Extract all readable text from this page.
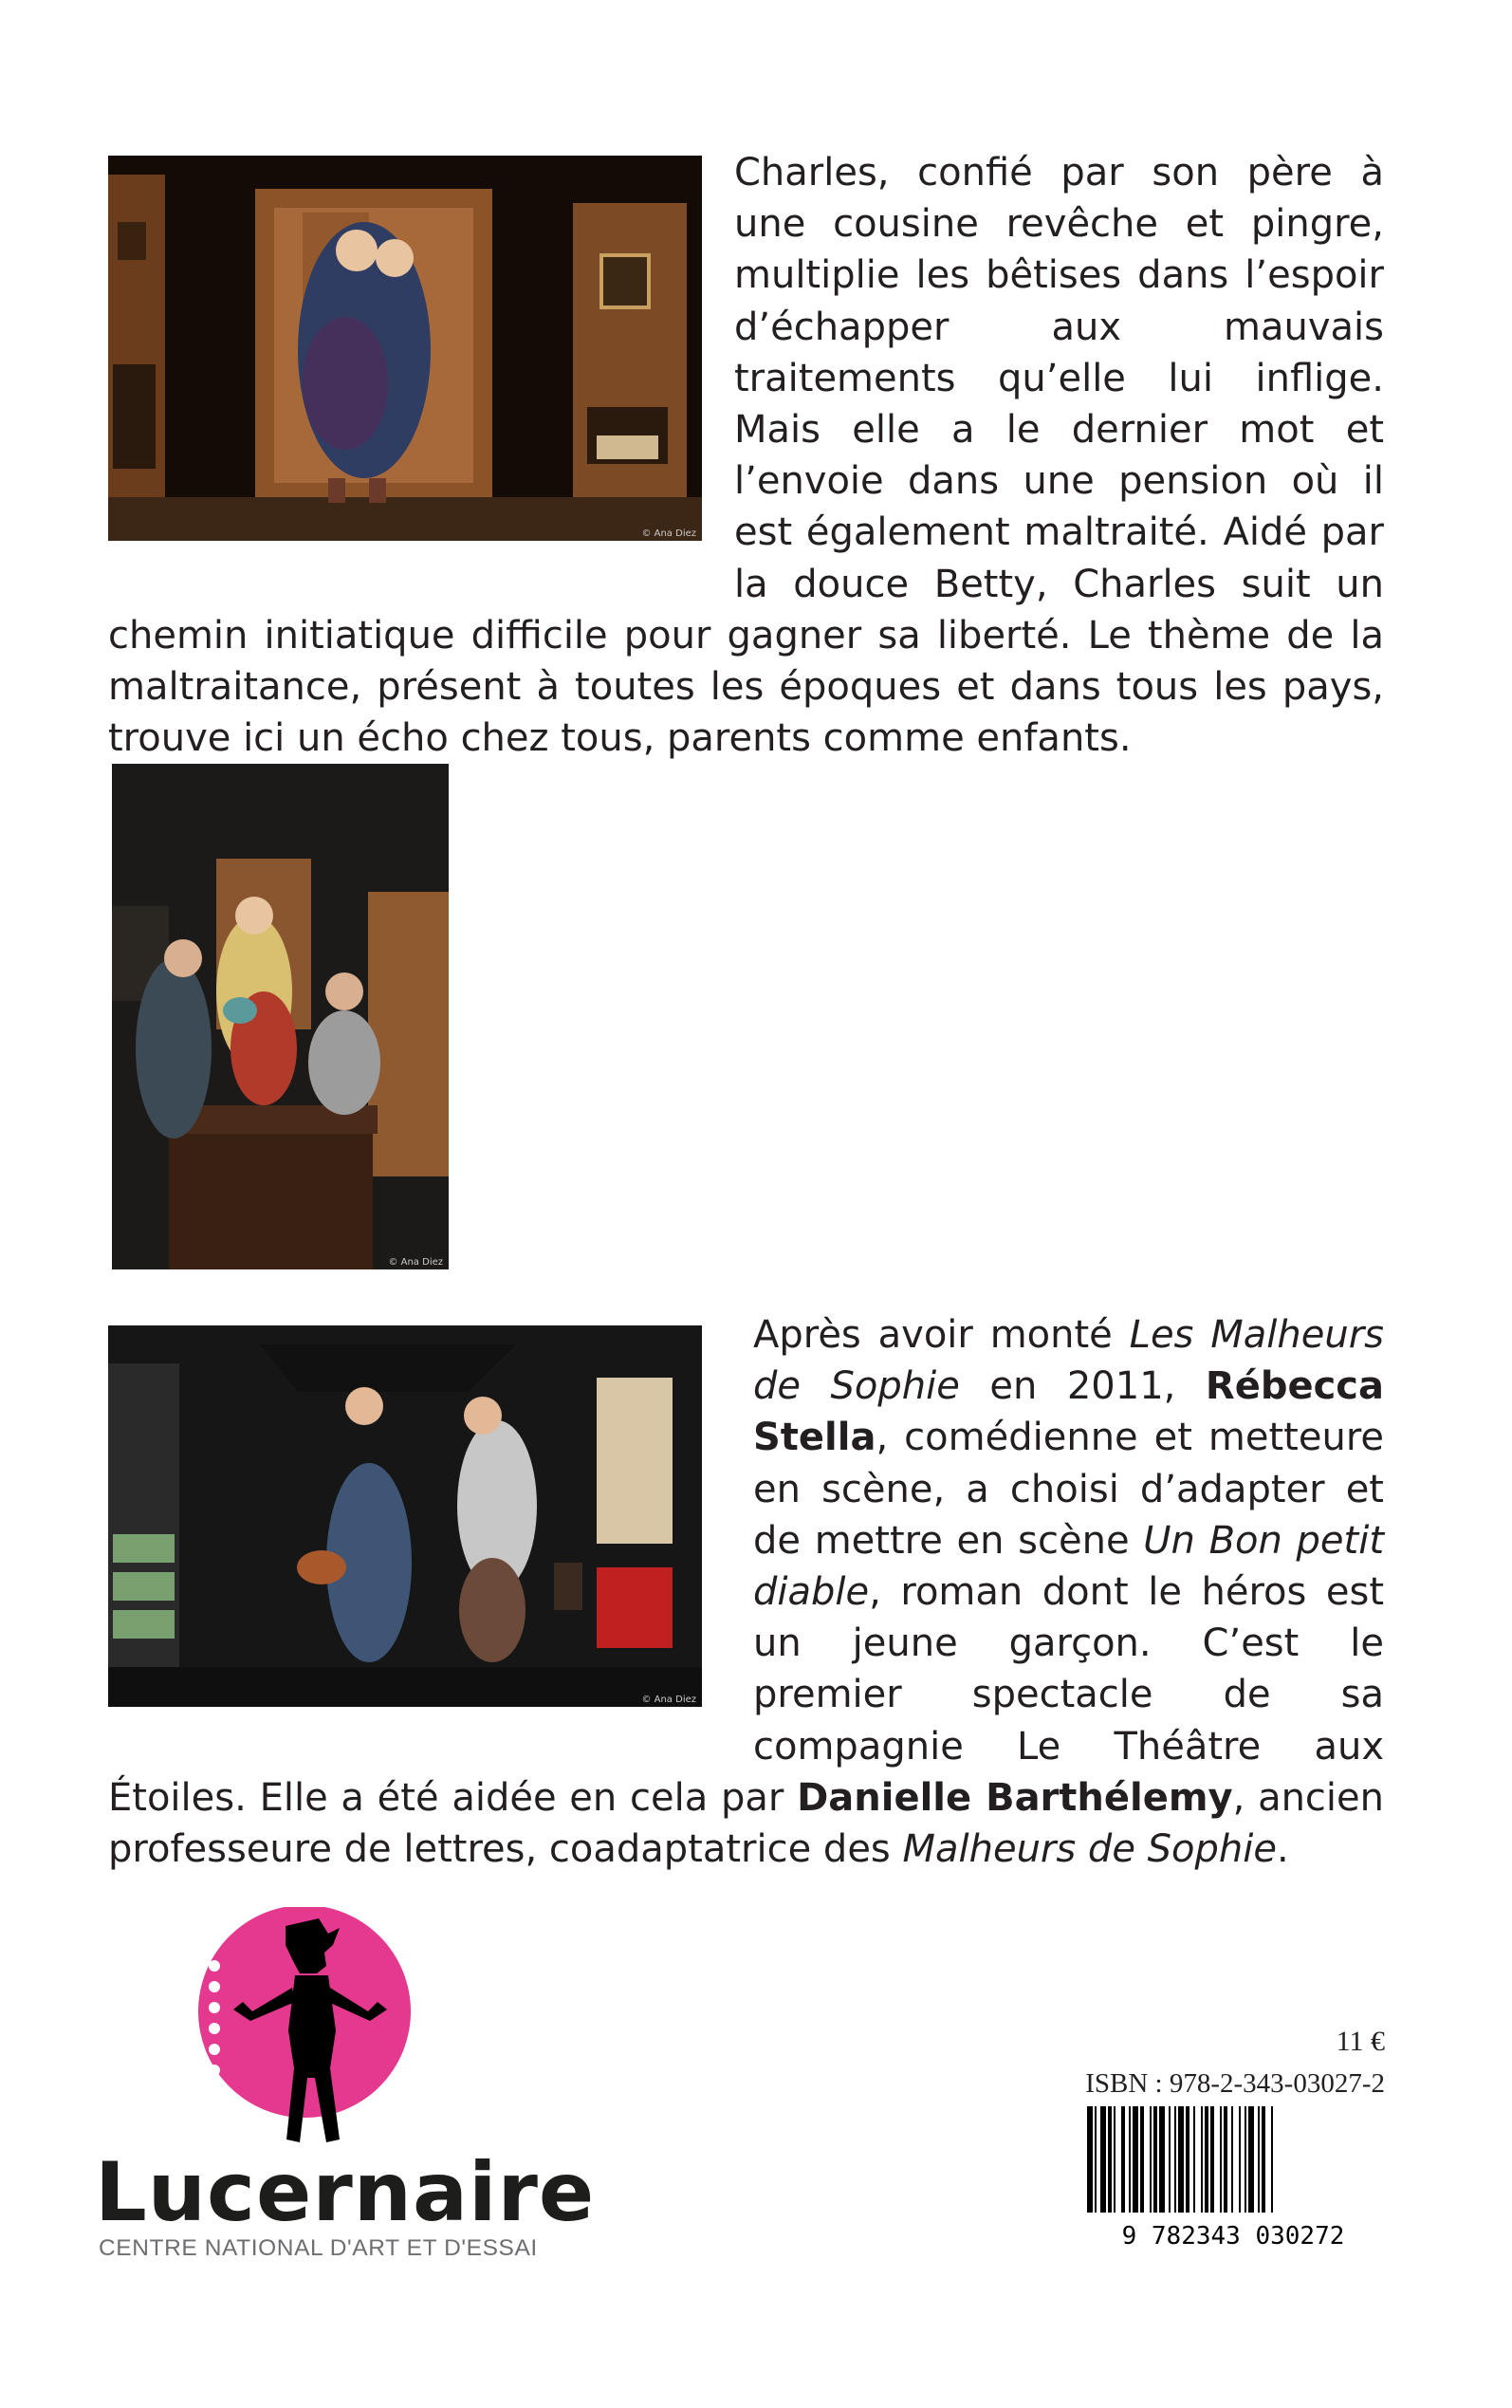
© Ana Diez
© Ana Diez
© Ana Diez

Charles, confié par son père à une cousine revêche et pingre, multiplie les bêtises dans l’espoir d’échapper aux mauvais traitements qu’elle lui inflige. Mais elle a le dernier mot et l’envoie dans une pension où il est également maltraité. Aidé par la douce Betty, Charles suit un chemin initiatique difficile pour gagner sa liberté. Le thème de la maltraitance, présent à toutes les époques et dans tous les pays, trouve ici un écho chez tous, parents comme enfants.

Après avoir monté Les Malheurs de Sophie en 2011, Rébecca Stella, comédienne et metteure en scène, a choisi d’adapter et de mettre en scène Un Bon petit diable, roman dont le héros est un jeune garçon. C’est le premier spectacle de sa compagnie Le Théâtre aux Étoiles. Elle a été aidée en cela par Danielle Barthélemy, ancien professeure de lettres, coadaptatrice des Malheurs de Sophie.

Lucernaire
CENTRE NATIONAL D'ART ET D'ESSAI
11 €
ISBN : 978-2-343-03027-2
9 782343 030272
